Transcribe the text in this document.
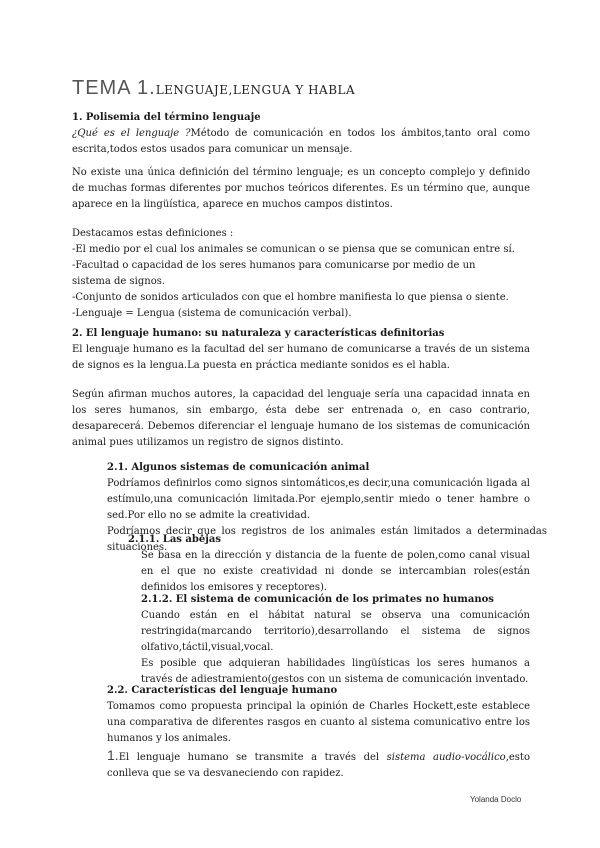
TEMA 1.LENGUAJE,LENGUA Y HABLA

1. Polisemia del término lenguaje

¿Qué es el lenguaje ?Método de comunicación en todos los ámbitos,tanto oral como escrita,todos estos usados para comunicar un mensaje.

No existe una única definición del término lenguaje; es un concepto complejo y definido de muchas formas diferentes por muchos teóricos diferentes. Es un término que, aunque aparece en la lingüística, aparece en muchos campos distintos.

Destacamos estas definiciones :

-El medio por el cual los animales se comunican o se piensa que se comunican entre sí.

-Facultad o capacidad de los seres humanos para comunicarse por medio de un sistema de signos.

-Conjunto de sonidos articulados con que el hombre manifiesta lo que piensa o siente.

-Lenguaje = Lengua (sistema de comunicación verbal).

2. El lenguaje humano: su naturaleza y características definitorias

El lenguaje humano es la facultad del ser humano de comunicarse a través de un sistema de signos es la lengua.La puesta en práctica mediante sonidos es el habla.

Según afirman muchos autores, la capacidad del lenguaje sería una capacidad innata en los seres humanos, sin embargo, ésta debe ser entrenada o, en caso contrario, desaparecerá. Debemos diferenciar el lenguaje humano de los sistemas de comunicación animal pues utilizamos un registro de signos distinto.

2.1. Algunos sistemas de comunicación animal

Podríamos definirlos como signos sintomáticos,es decir,una comunicación ligada al estímulo,una comunicación limitada.Por ejemplo,sentir miedo o tener hambre o sed.Por ello no se admite la creatividad.

Podríamos decir que los registros de los animales están limitados a determinadas situaciones.

2.1.1. Las abejas
Se basa en la dirección y distancia de la fuente de polen,como canal visual en el que no existe creatividad ni donde se intercambian roles(están definidos los emisores y receptores).
2.1.2. El sistema de comunicación de los primates no humanos

Cuando están en el hábitat natural se observa una comunicación restringida(marcando territorio),desarrollando el sistema de signos olfativo,táctil,visual,vocal.

Es posible que adquieran habilidades lingüísticas los seres humanos a través de adiestramiento(gestos con un sistema de comunicación inventado.

2.2. Características del lenguaje humano

Tomamos como propuesta principal la opinión de Charles Hockett,este establece una comparativa de diferentes rasgos en cuanto al sistema comunicativo entre los humanos y los animales.

1.El lenguaje humano se transmite a través del sistema audio-vocálico,esto conlleva que se va desvaneciendo con rapidez.

Yolanda Doclo
